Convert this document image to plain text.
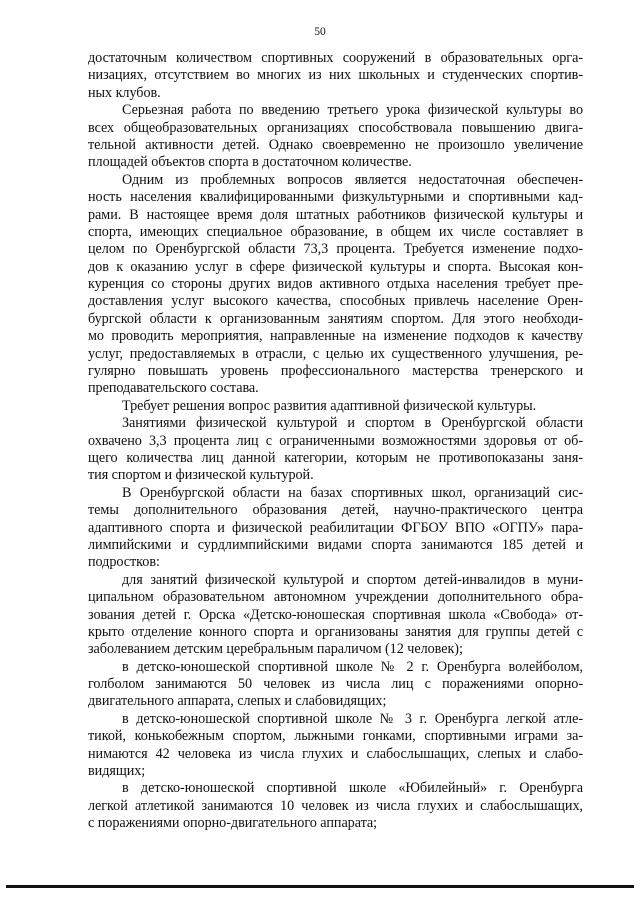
50
достаточным количеством спортивных сооружений в образовательных орга-
низациях, отсутствием во многих из них школьных и студенческих спортив-
ных клубов.
Серьезная работа по введению третьего урока физической культуры во
всех общеобразовательных организациях способствовала повышению двига-
тельной активности детей. Однако своевременно не произошло увеличение
площадей объектов спорта в достаточном количестве.
Одним из проблемных вопросов является недостаточная обеспечен-
ность населения квалифицированными физкультурными и спортивными кад-
рами. В настоящее время доля штатных работников физической культуры и
спорта, имеющих специальное образование, в общем их числе составляет в
целом по Оренбургской области 73,3 процента. Требуется изменение подхо-
дов к оказанию услуг в сфере физической культуры и спорта. Высокая кон-
куренция со стороны других видов активного отдыха населения требует пре-
доставления услуг высокого качества, способных привлечь население Орен-
бургской области к организованным занятиям спортом. Для этого необходи-
мо проводить мероприятия, направленные на изменение подходов к качеству
услуг, предоставляемых в отрасли, с целью их существенного улучшения, ре-
гулярно повышать уровень профессионального мастерства тренерского и
преподавательского состава.
Требует решения вопрос развития адаптивной физической культуры.
Занятиями физической культурой и спортом в Оренбургской области
охвачено 3,3 процента лиц с ограниченными возможностями здоровья от об-
щего количества лиц данной категории, которым не противопоказаны заня-
тия спортом и физической культурой.
В Оренбургской области на базах спортивных школ, организаций сис-
темы дополнительного образования детей, научно-практического центра
адаптивного спорта и физической реабилитации ФГБОУ ВПО «ОГПУ» пара-
лимпийскими и сурдлимпийскими видами спорта занимаются 185 детей и
подростков:
для занятий физической культурой и спортом детей-инвалидов в муни-
ципальном образовательном автономном учреждении дополнительного обра-
зования детей г. Орска «Детско-юношеская спортивная школа «Свобода» от-
крыто отделение конного спорта и организованы занятия для группы детей с
заболеванием детским церебральным параличом (12 человек);
в детско-юношеской спортивной школе № 2 г. Оренбурга волейболом,
голболом занимаются 50 человек из числа лиц с поражениями опорно-
двигательного аппарата, слепых и слабовидящих;
в детско-юношеской спортивной школе № 3 г. Оренбурга легкой атле-
тикой, конькобежным спортом, лыжными гонками, спортивными играми за-
нимаются 42 человека из числа глухих и слабослышащих, слепых и слабо-
видящих;
в детско-юношеской спортивной школе «Юбилейный» г. Оренбурга
легкой атлетикой занимаются 10 человек из числа глухих и слабослышащих,
с поражениями опорно-двигательного аппарата;
